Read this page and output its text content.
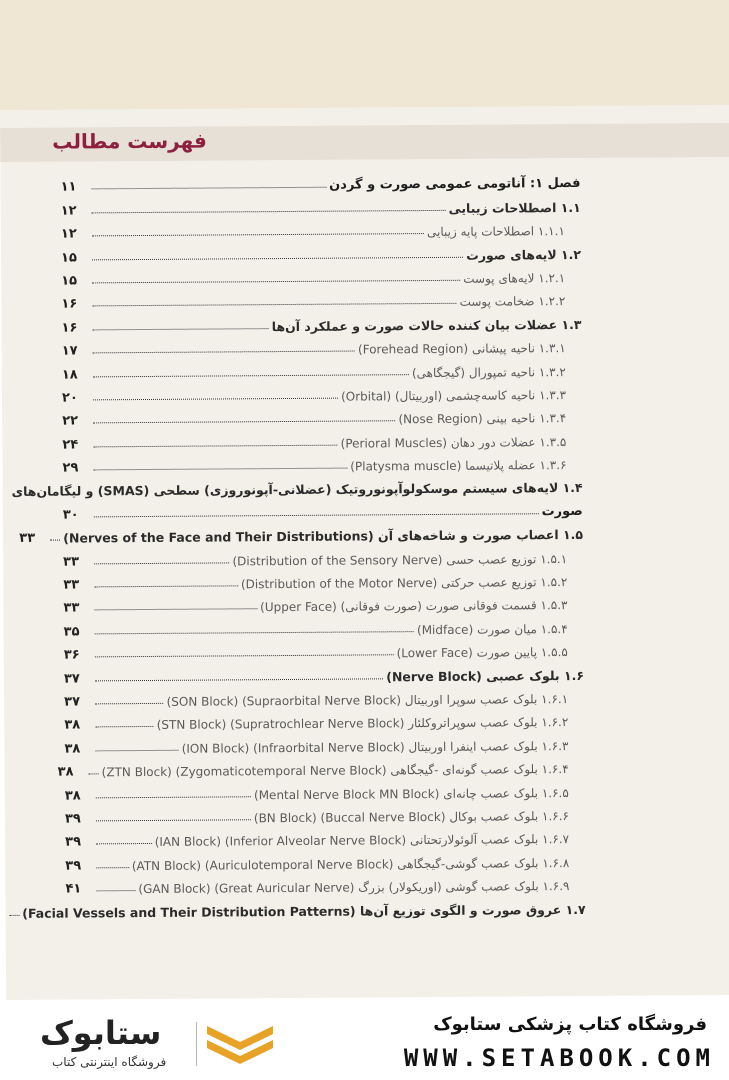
فهرست مطالب
فصل ۱: آناتومی عمومی صورت و گردن
۱۱
۱.۱ اصطلاحات زیبایی
۱۲
۱.۱.۱ اصطلاحات پایه زیبایی
۱۲
۱.۲ لایه‌های صورت
۱۵
۱.۲.۱ لایه‌های پوست
۱۵
۱.۲.۲ ضخامت پوست
۱۶
۱.۳ عضلات بیان کننده حالات صورت و عملکرد آن‌ها
۱۶
۱.۳.۱ ناحیه پیشانی (Forehead Region)
۱۷
۱.۳.۲ ناحیه تمپورال (گیجگاهی)
۱۸
۱.۳.۳ ناحیه کاسه‌چشمی (اوربیتال) (Orbital)
۲۰
۱.۳.۴ ناحیه بینی (Nose Region)
۲۲
۱.۳.۵ عضلات دور دهان (Perioral Muscles)
۲۴
۱.۳.۶ عضله پلاتیسما (Platysma muscle)
۲۹
۱.۴ لایه‌های سیستم موسکولوآپونوروتیک (عضلانی-آپونوروزی) سطحی (SMAS) و لیگامان‌های
صورت
۳۰
۱.۵ اعصاب صورت و شاخه‌های آن (Nerves of the Face and Their Distributions)
۳۳
۱.۵.۱ توزیع عصب حسی (Distribution of the Sensory Nerve)
۳۳
۱.۵.۲ توزیع عصب حرکتی (Distribution of the Motor Nerve)
۳۳
۱.۵.۳ قسمت فوقانی صورت (صورت فوقانی) (Upper Face)
۳۳
۱.۵.۴ میان صورت (Midface)
۳۵
۱.۵.۵ پایین صورت (Lower Face)
۳۶
۱.۶ بلوک عصبی (Nerve Block)
۳۷
۱.۶.۱ بلوک عصب سوپرا اوربیتال (Supraorbital Nerve Block) (SON Block)
۳۷
۱.۶.۲ بلوک عصب سوپراتروکلئار (Supratrochlear Nerve Block) (STN Block)
۳۸
۱.۶.۳ بلوک عصب اینفرا اوربیتال (Infraorbital Nerve Block) (ION Block)
۳۸
۱.۶.۴ بلوک عصب گونه‌ای -گیجگاهی (Zygomaticotemporal Nerve Block) (ZTN Block)
۳۸
۱.۶.۵ بلوک عصب چانه‌ای (Mental Nerve Block MN Block)
۳۸
۱.۶.۶ بلوک عصب بوکال (Buccal Nerve Block) (BN Block)
۳۹
۱.۶.۷ بلوک عصب آلوئولارتحتانی (Inferior Alveolar Nerve Block) (IAN Block)
۳۹
۱.۶.۸ بلوک عصب گوشی-گیجگاهی (Auriculotemporal Nerve Block) (ATN Block)
۳۹
۱.۶.۹ بلوک عصب گوشی (اوریکولار) بزرگ (Great Auricular Nerve) (GAN Block)
۴۱
۱.۷ عروق صورت و الگوی توزیع آن‌ها (Facial Vessels and Their Distribution Patterns)
فروشگاه کتاب پزشکی ستابوک
WWW.SETABOOK.COM
ستابوک
فروشگاه اینترنتی کتاب
